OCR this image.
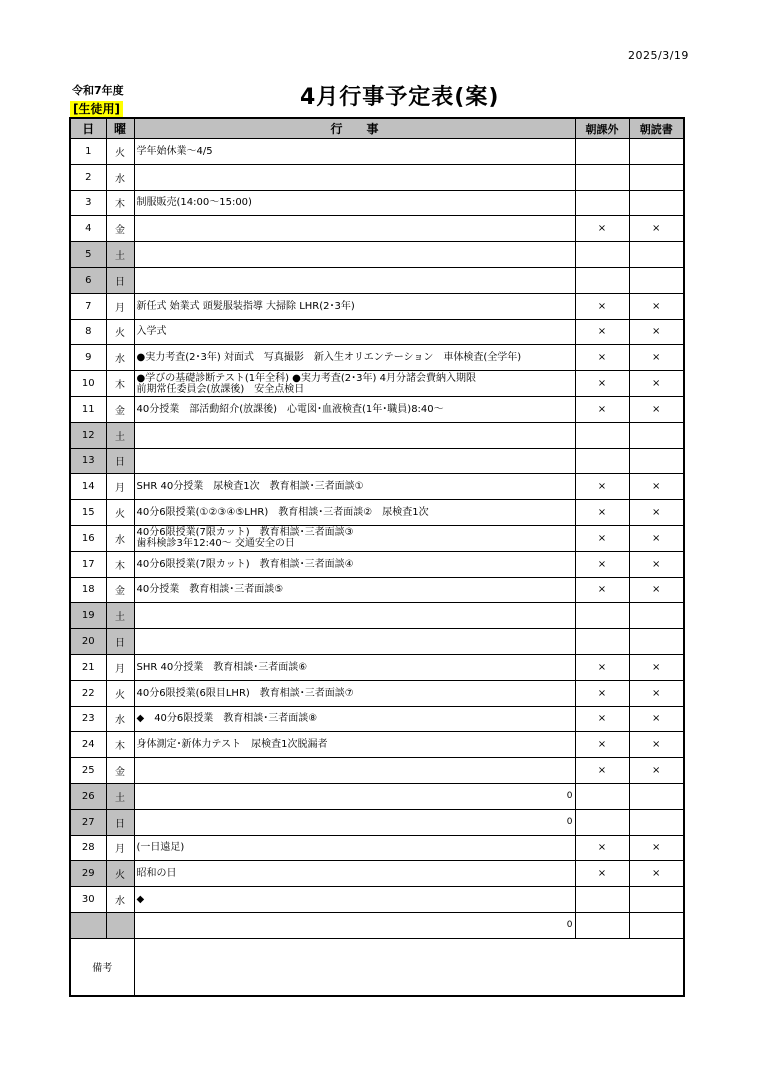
2025/3/19
令和7年度
[生徒用]	4月行事予定表(案)
日	曜	行　　事	朝課外	朝読書
1	火	学年始休業～4/5		
2	水			
3	木	制服販売(14:00～15:00)		
4	金		×	×
5	土			
6	日			
7	月	新任式 始業式 頭髪服装指導 大掃除 LHR(2･3年)	×	×
8	火	入学式	×	×
9	水	●実力考査(2･3年) 対面式　写真撮影　新入生オリエンテーション　車体検査(全学年)	×	×
10	木	●学びの基礎診断テスト(1年全科) ●実力考査(2･3年) 4月分諸会費納入期限
前期常任委員会(放課後)　安全点検日	×	×
11	金	40分授業　部活動紹介(放課後)　心電図･血液検査(1年･職員)8:40～	×	×
12	土			
13	日			
14	月	SHR 40分授業　尿検査1次　教育相談･三者面談①	×	×
15	火	40分6限授業(①②③④⑤LHR)　教育相談･三者面談②　尿検査1次	×	×
16	水	40分6限授業(7限カット)　教育相談･三者面談③
歯科検診3年12:40～ 交通安全の日	×	×
17	木	40分6限授業(7限カット)　教育相談･三者面談④	×	×
18	金	40分授業　教育相談･三者面談⑤	×	×
19	土			
20	日			
21	月	SHR 40分授業　教育相談･三者面談⑥	×	×
22	火	40分6限授業(6限目LHR)　教育相談･三者面談⑦	×	×
23	水	◆　40分6限授業　教育相談･三者面談⑧	×	×
24	木	身体測定･新体力テスト　尿検査1次脱漏者	×	×
25	金		×	×
26	土	0		
27	日	0		
28	月	(一日遠足)	×	×
29	火	昭和の日	×	×
30	水	◆		
		0		
備考				
